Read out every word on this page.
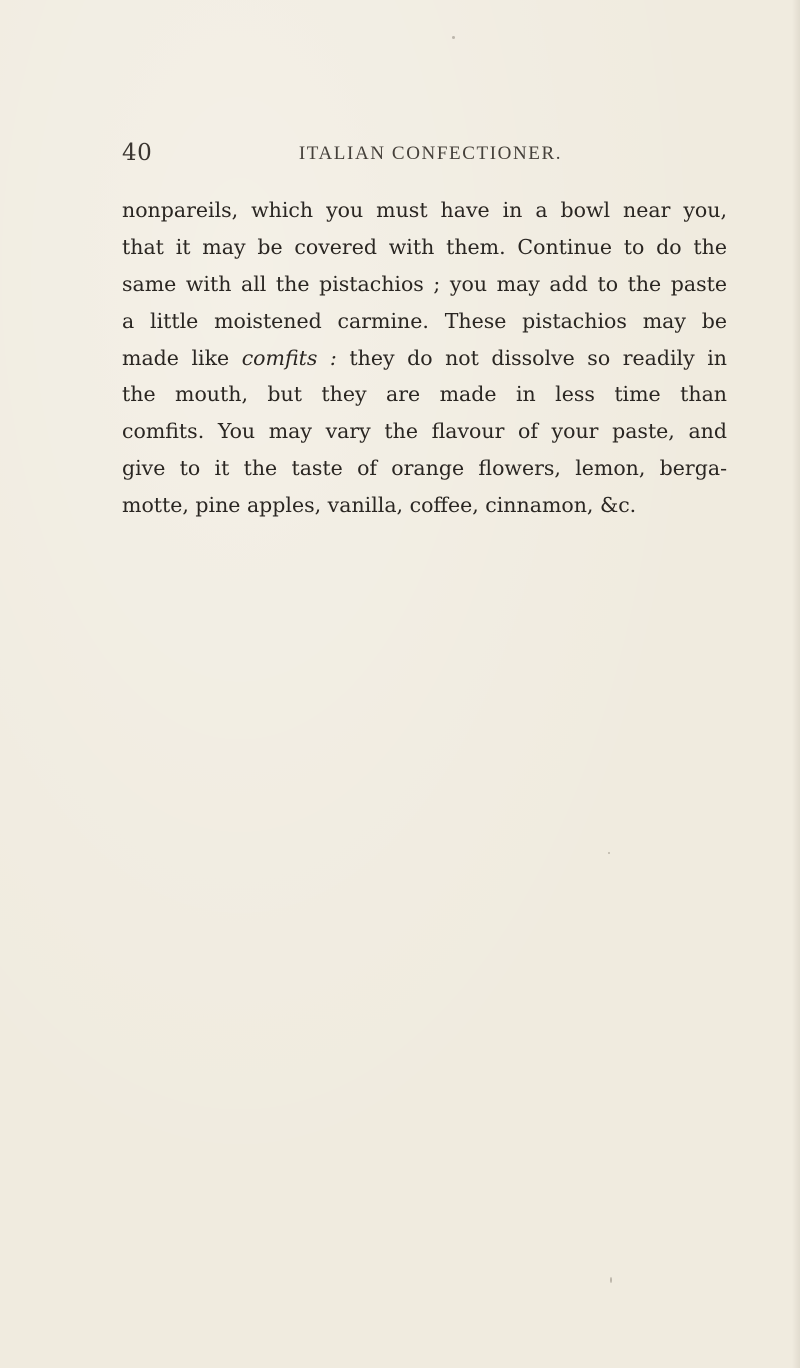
40	ITALIAN CONFECTIONER.
nonpareils, which you must have in a bowl near you,
that it may be covered with them. Continue to do the
same with all the pistachios ; you may add to the paste
a little moistened carmine. These pistachios may be
made like comfits : they do not dissolve so readily in
the mouth, but they are made in less time than
comfits. You may vary the flavour of your paste, and
give to it the taste of orange flowers, lemon, berga-
motte, pine apples, vanilla, coffee, cinnamon, &c.
